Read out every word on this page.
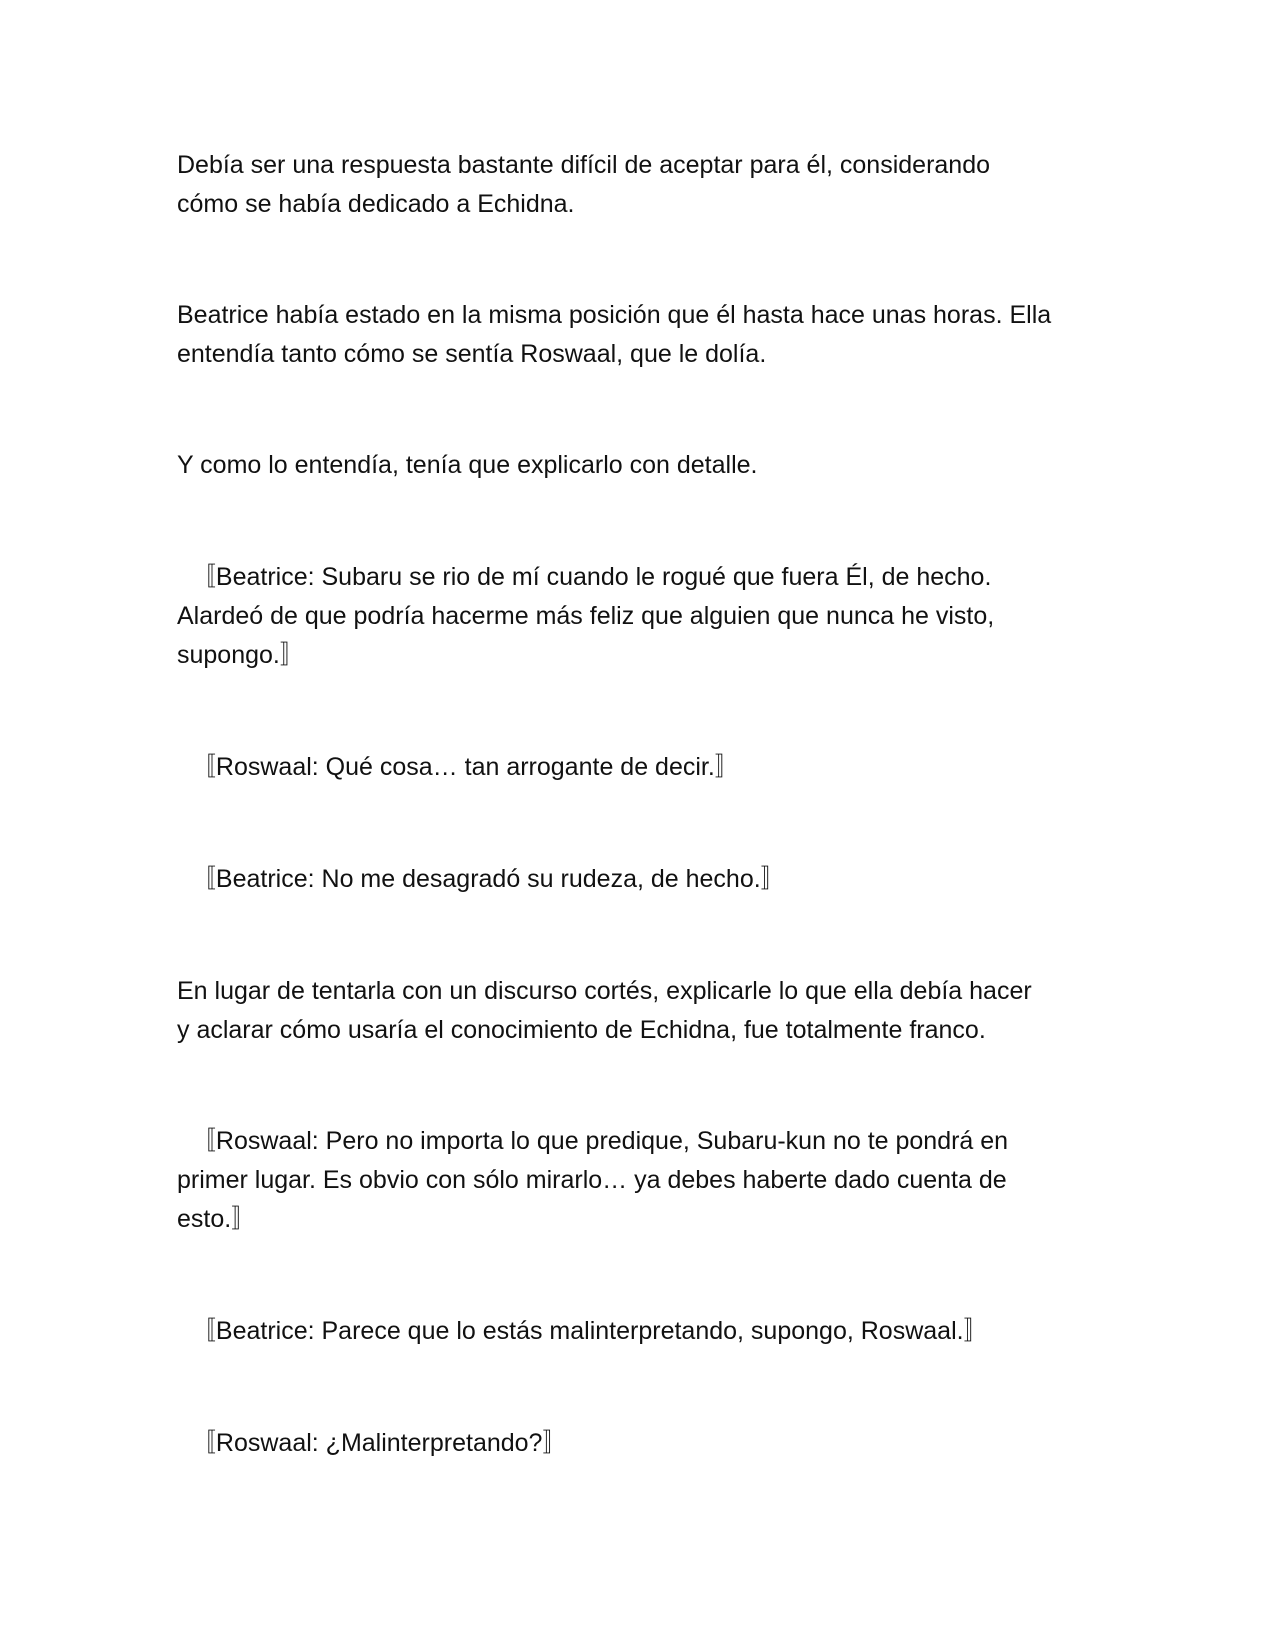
Debía ser una respuesta bastante difícil de aceptar para él, considerando
cómo se había dedicado a Echidna.

Beatrice había estado en la misma posición que él hasta hace unas horas. Ella
entendía tanto cómo se sentía Roswaal, que le dolía.

Y como lo entendía, tenía que explicarlo con detalle.

〚Beatrice: Subaru se rio de mí cuando le rogué que fuera Él, de hecho.
Alardeó de que podría hacerme más feliz que alguien que nunca he visto,
supongo.〛

〚Roswaal: Qué cosa… tan arrogante de decir.〛

〚Beatrice: No me desagradó su rudeza, de hecho.〛

En lugar de tentarla con un discurso cortés, explicarle lo que ella debía hacer
y aclarar cómo usaría el conocimiento de Echidna, fue totalmente franco.

〚Roswaal: Pero no importa lo que predique, Subaru-kun no te pondrá en
primer lugar. Es obvio con sólo mirarlo… ya debes haberte dado cuenta de
esto.〛

〚Beatrice: Parece que lo estás malinterpretando, supongo, Roswaal.〛

〚Roswaal: ¿Malinterpretando?〛
